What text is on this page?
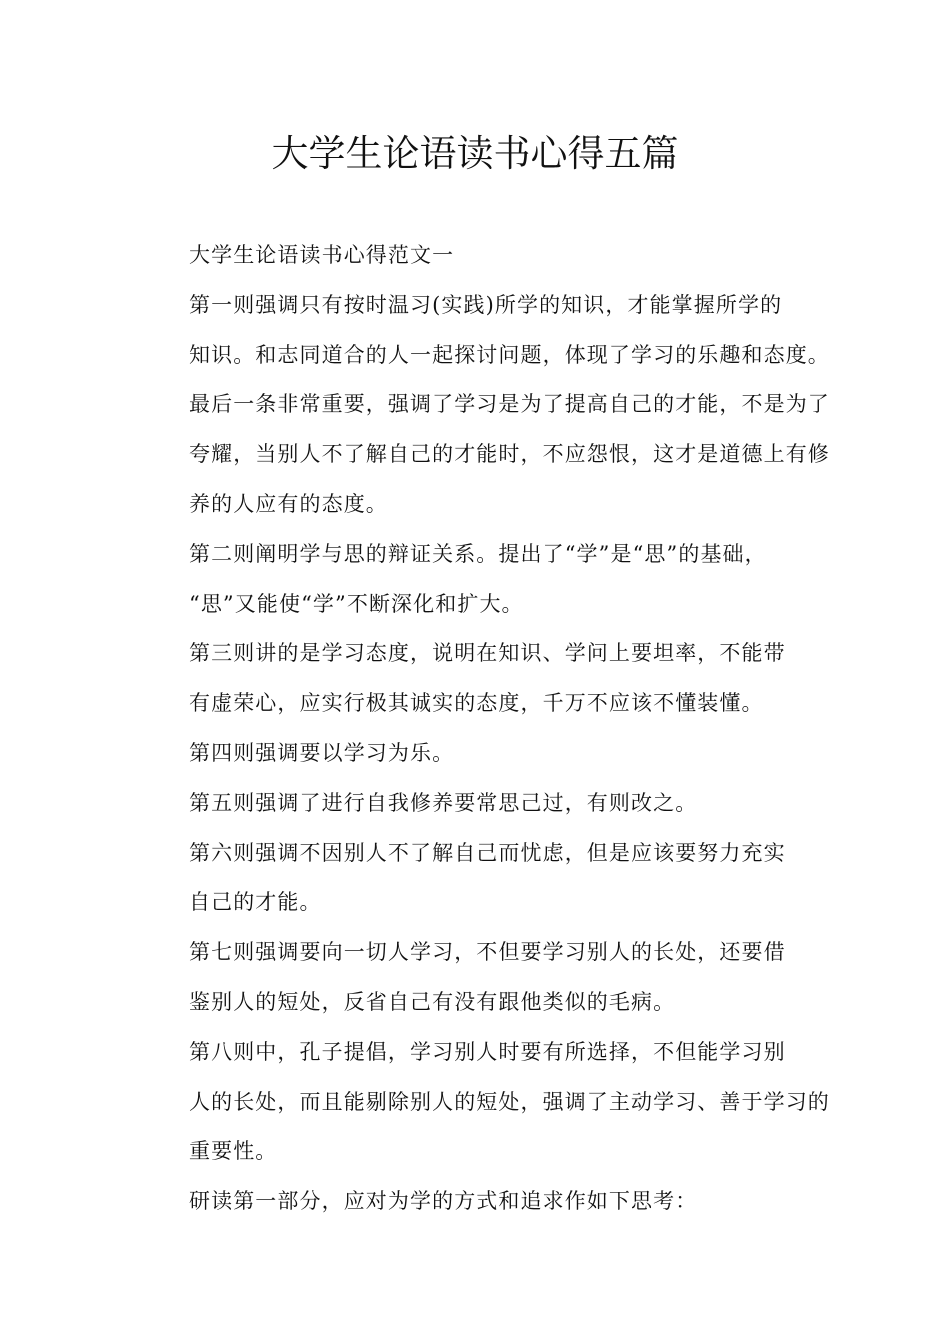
大学生论语读书心得五篇

大学生论语读书心得范文一

第一则强调只有按时温习(实践)所学的知识，才能掌握所学的
知识。和志同道合的人一起探讨问题，体现了学习的乐趣和态度。
最后一条非常重要，强调了学习是为了提高自己的才能，不是为了
夸耀，当别人不了解自己的才能时，不应怨恨，这才是道德上有修
养的人应有的态度。

第二则阐明学与思的辩证关系。提出了“学”是“思”的基础，
“思”又能使“学”不断深化和扩大。

第三则讲的是学习态度，说明在知识、学问上要坦率，不能带
有虚荣心，应实行极其诚实的态度，千万不应该不懂装懂。

第四则强调要以学习为乐。

第五则强调了进行自我修养要常思己过，有则改之。

第六则强调不因别人不了解自己而忧虑，但是应该要努力充实
自己的才能。

第七则强调要向一切人学习，不但要学习别人的长处，还要借
鉴别人的短处，反省自己有没有跟他类似的毛病。

第八则中，孔子提倡，学习别人时要有所选择，不但能学习别
人的长处，而且能剔除别人的短处，强调了主动学习、善于学习的
重要性。

研读第一部分，应对为学的方式和追求作如下思考：
